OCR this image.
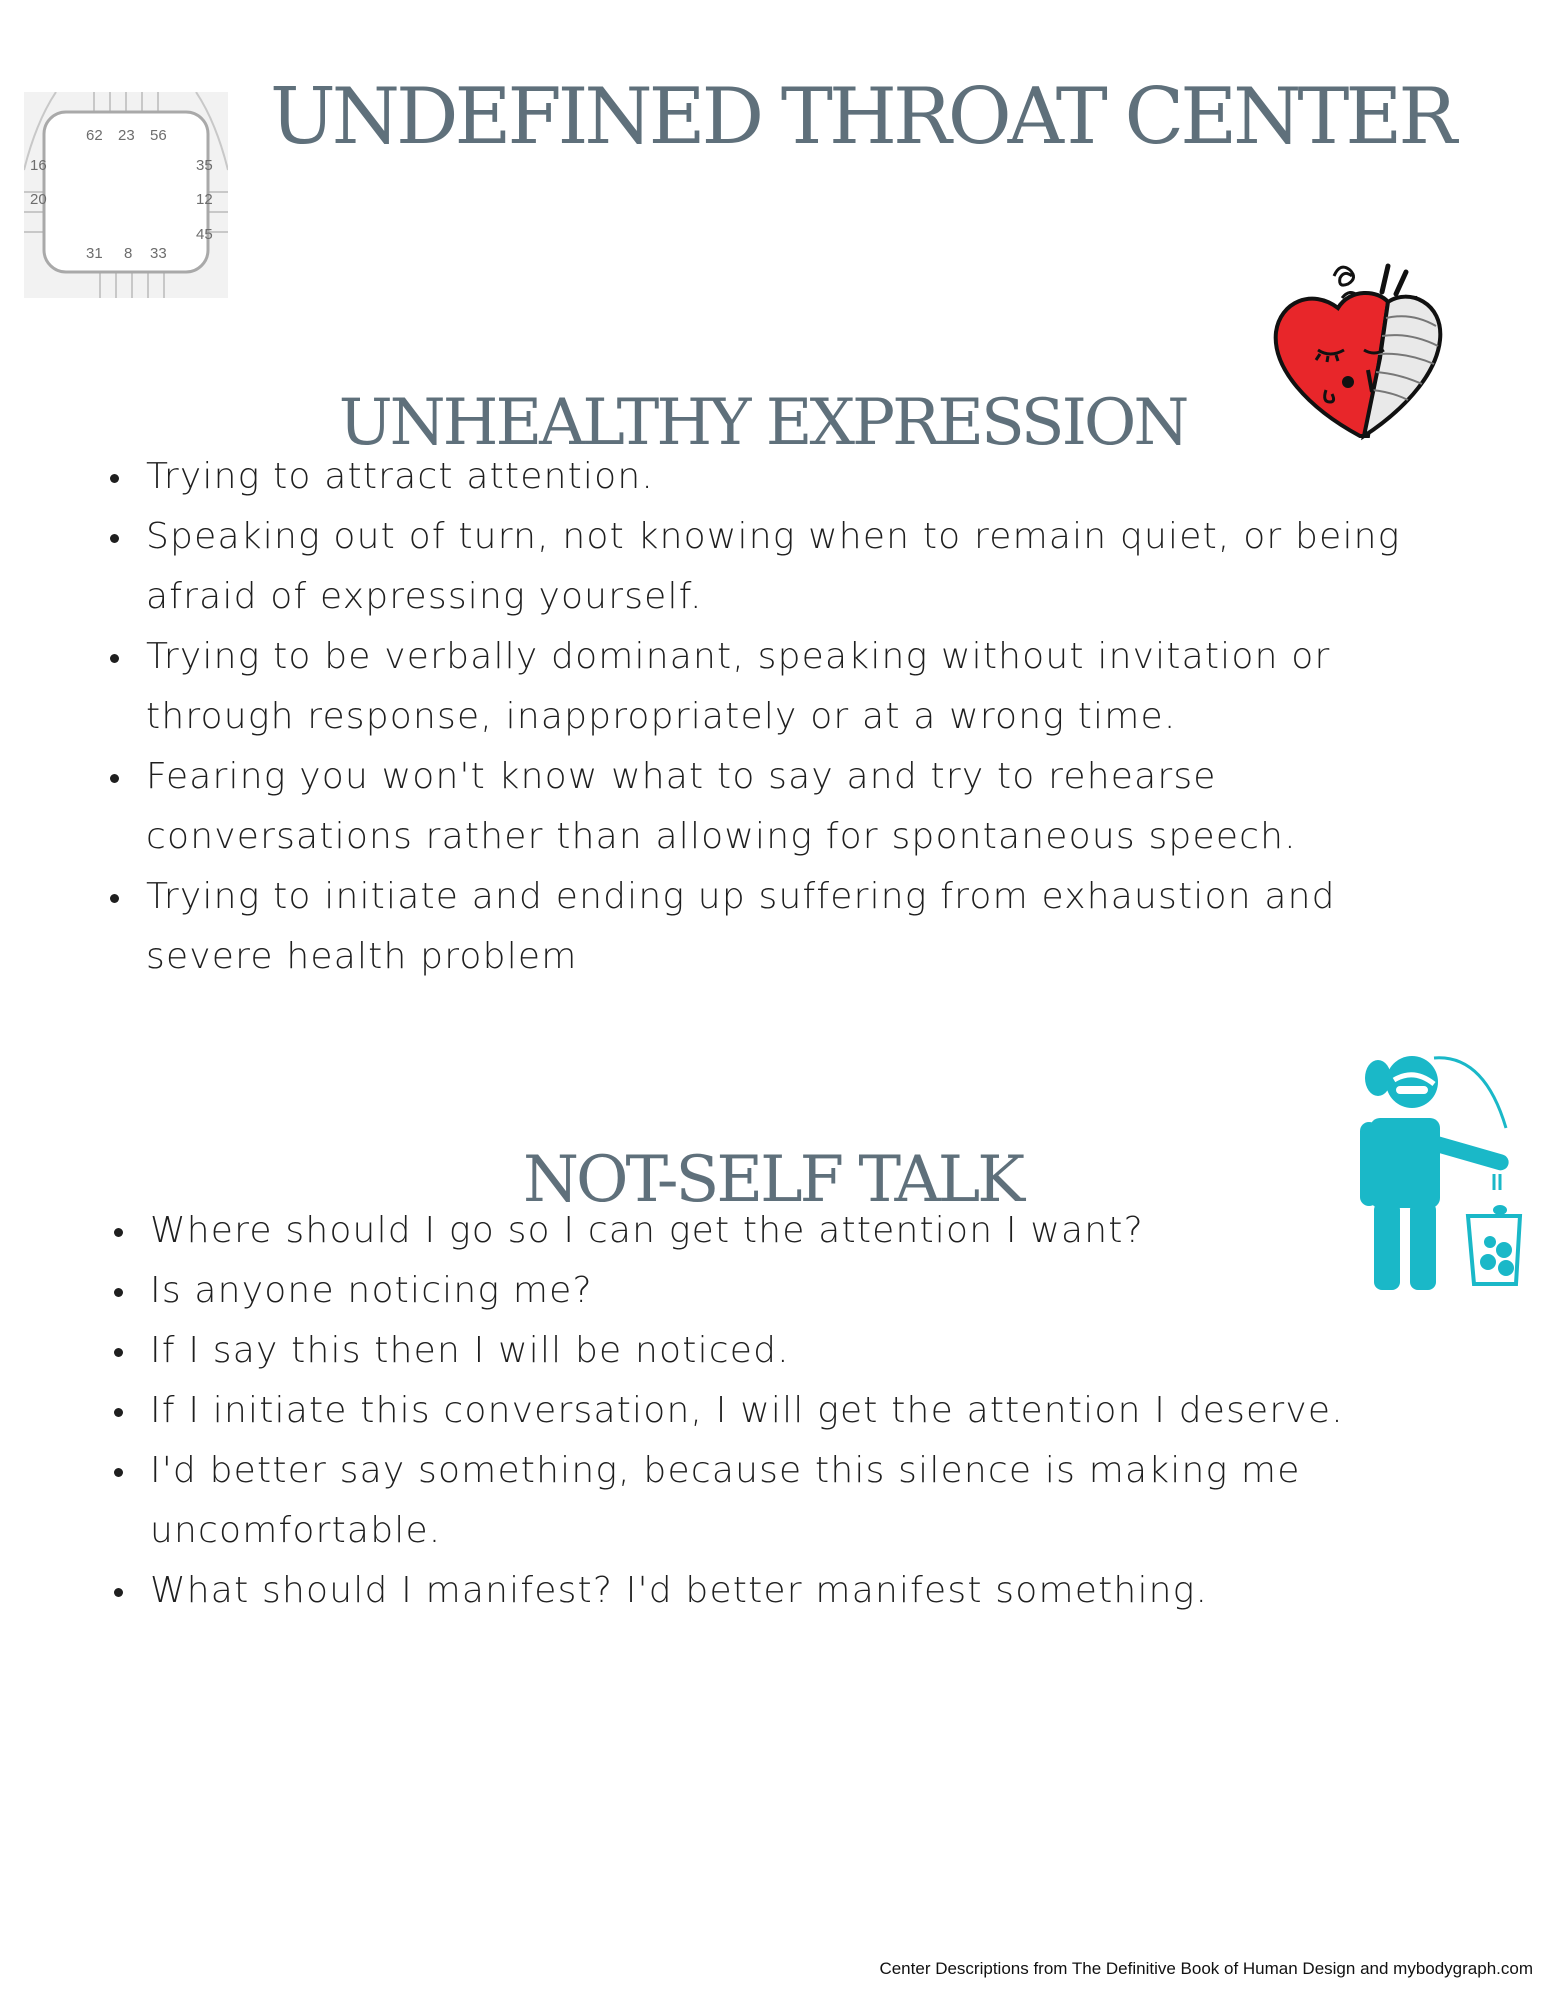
62 23 56
16	35
20	12
45
31 8 33
UNDEFINED THROAT CENTER
UNHEALTHY EXPRESSION
Trying to attract attention.
Speaking out of turn, not knowing when to remain quiet, or being afraid of expressing yourself.
Trying to be verbally dominant, speaking without invitation or through response, inappropriately or at a wrong time.
Fearing you won't know what to say and try to rehearse conversations rather than allowing for spontaneous speech.
Trying to initiate and ending up suffering from exhaustion and severe health problem
NOT-SELF TALK
Where should I go so I can get the attention I want?
Is anyone noticing me?
If I say this then I will be noticed.
If I initiate this conversation, I will get the attention I deserve.
I'd better say something, because this silence is making me uncomfortable.
What should I manifest? I'd better manifest something.
Center Descriptions from The Definitive Book of Human Design and mybodygraph.com
